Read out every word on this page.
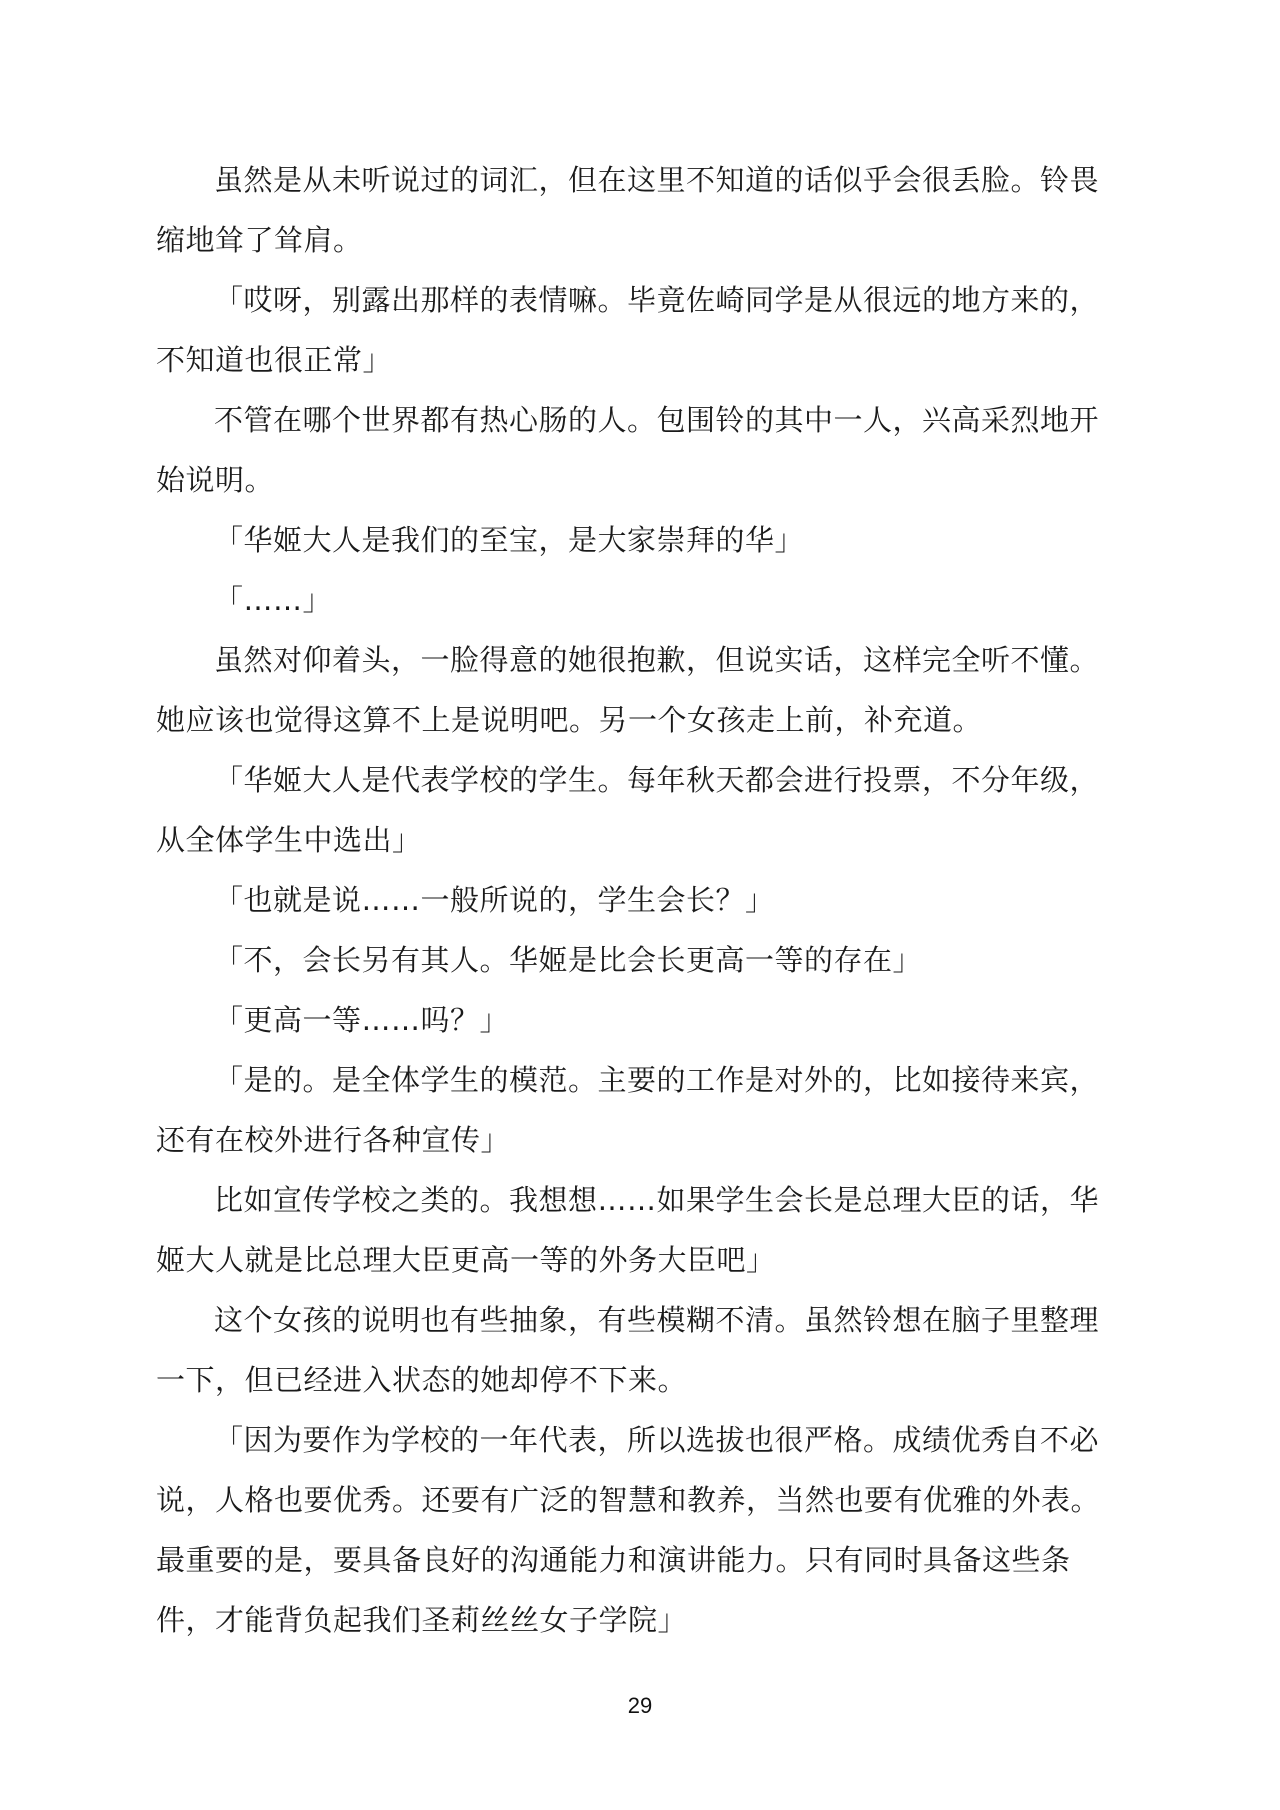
虽然是从未听说过的词汇，但在这里不知道的话似乎会很丢脸。铃畏缩地耸了耸肩。

「哎呀，别露出那样的表情嘛。毕竟佐崎同学是从很远的地方来的，不知道也很正常」

不管在哪个世界都有热心肠的人。包围铃的其中一人，兴高采烈地开始说明。

「华姬大人是我们的至宝，是大家崇拜的华」

「……」

虽然对仰着头，一脸得意的她很抱歉，但说实话，这样完全听不懂。她应该也觉得这算不上是说明吧。另一个女孩走上前，补充道。

「华姬大人是代表学校的学生。每年秋天都会进行投票，不分年级，从全体学生中选出」

「也就是说……一般所说的，学生会长？」

「不，会长另有其人。华姬是比会长更高一等的存在」

「更高一等……吗？」

「是的。是全体学生的模范。主要的工作是对外的，比如接待来宾，还有在校外进行各种宣传」

比如宣传学校之类的。我想想……如果学生会长是总理大臣的话，华姬大人就是比总理大臣更高一等的外务大臣吧」

这个女孩的说明也有些抽象，有些模糊不清。虽然铃想在脑子里整理一下，但已经进入状态的她却停不下来。

「因为要作为学校的一年代表，所以选拔也很严格。成绩优秀自不必说，人格也要优秀。还要有广泛的智慧和教养，当然也要有优雅的外表。最重要的是，要具备良好的沟通能力和演讲能力。只有同时具备这些条件，才能背负起我们圣莉丝丝女子学院」

29
